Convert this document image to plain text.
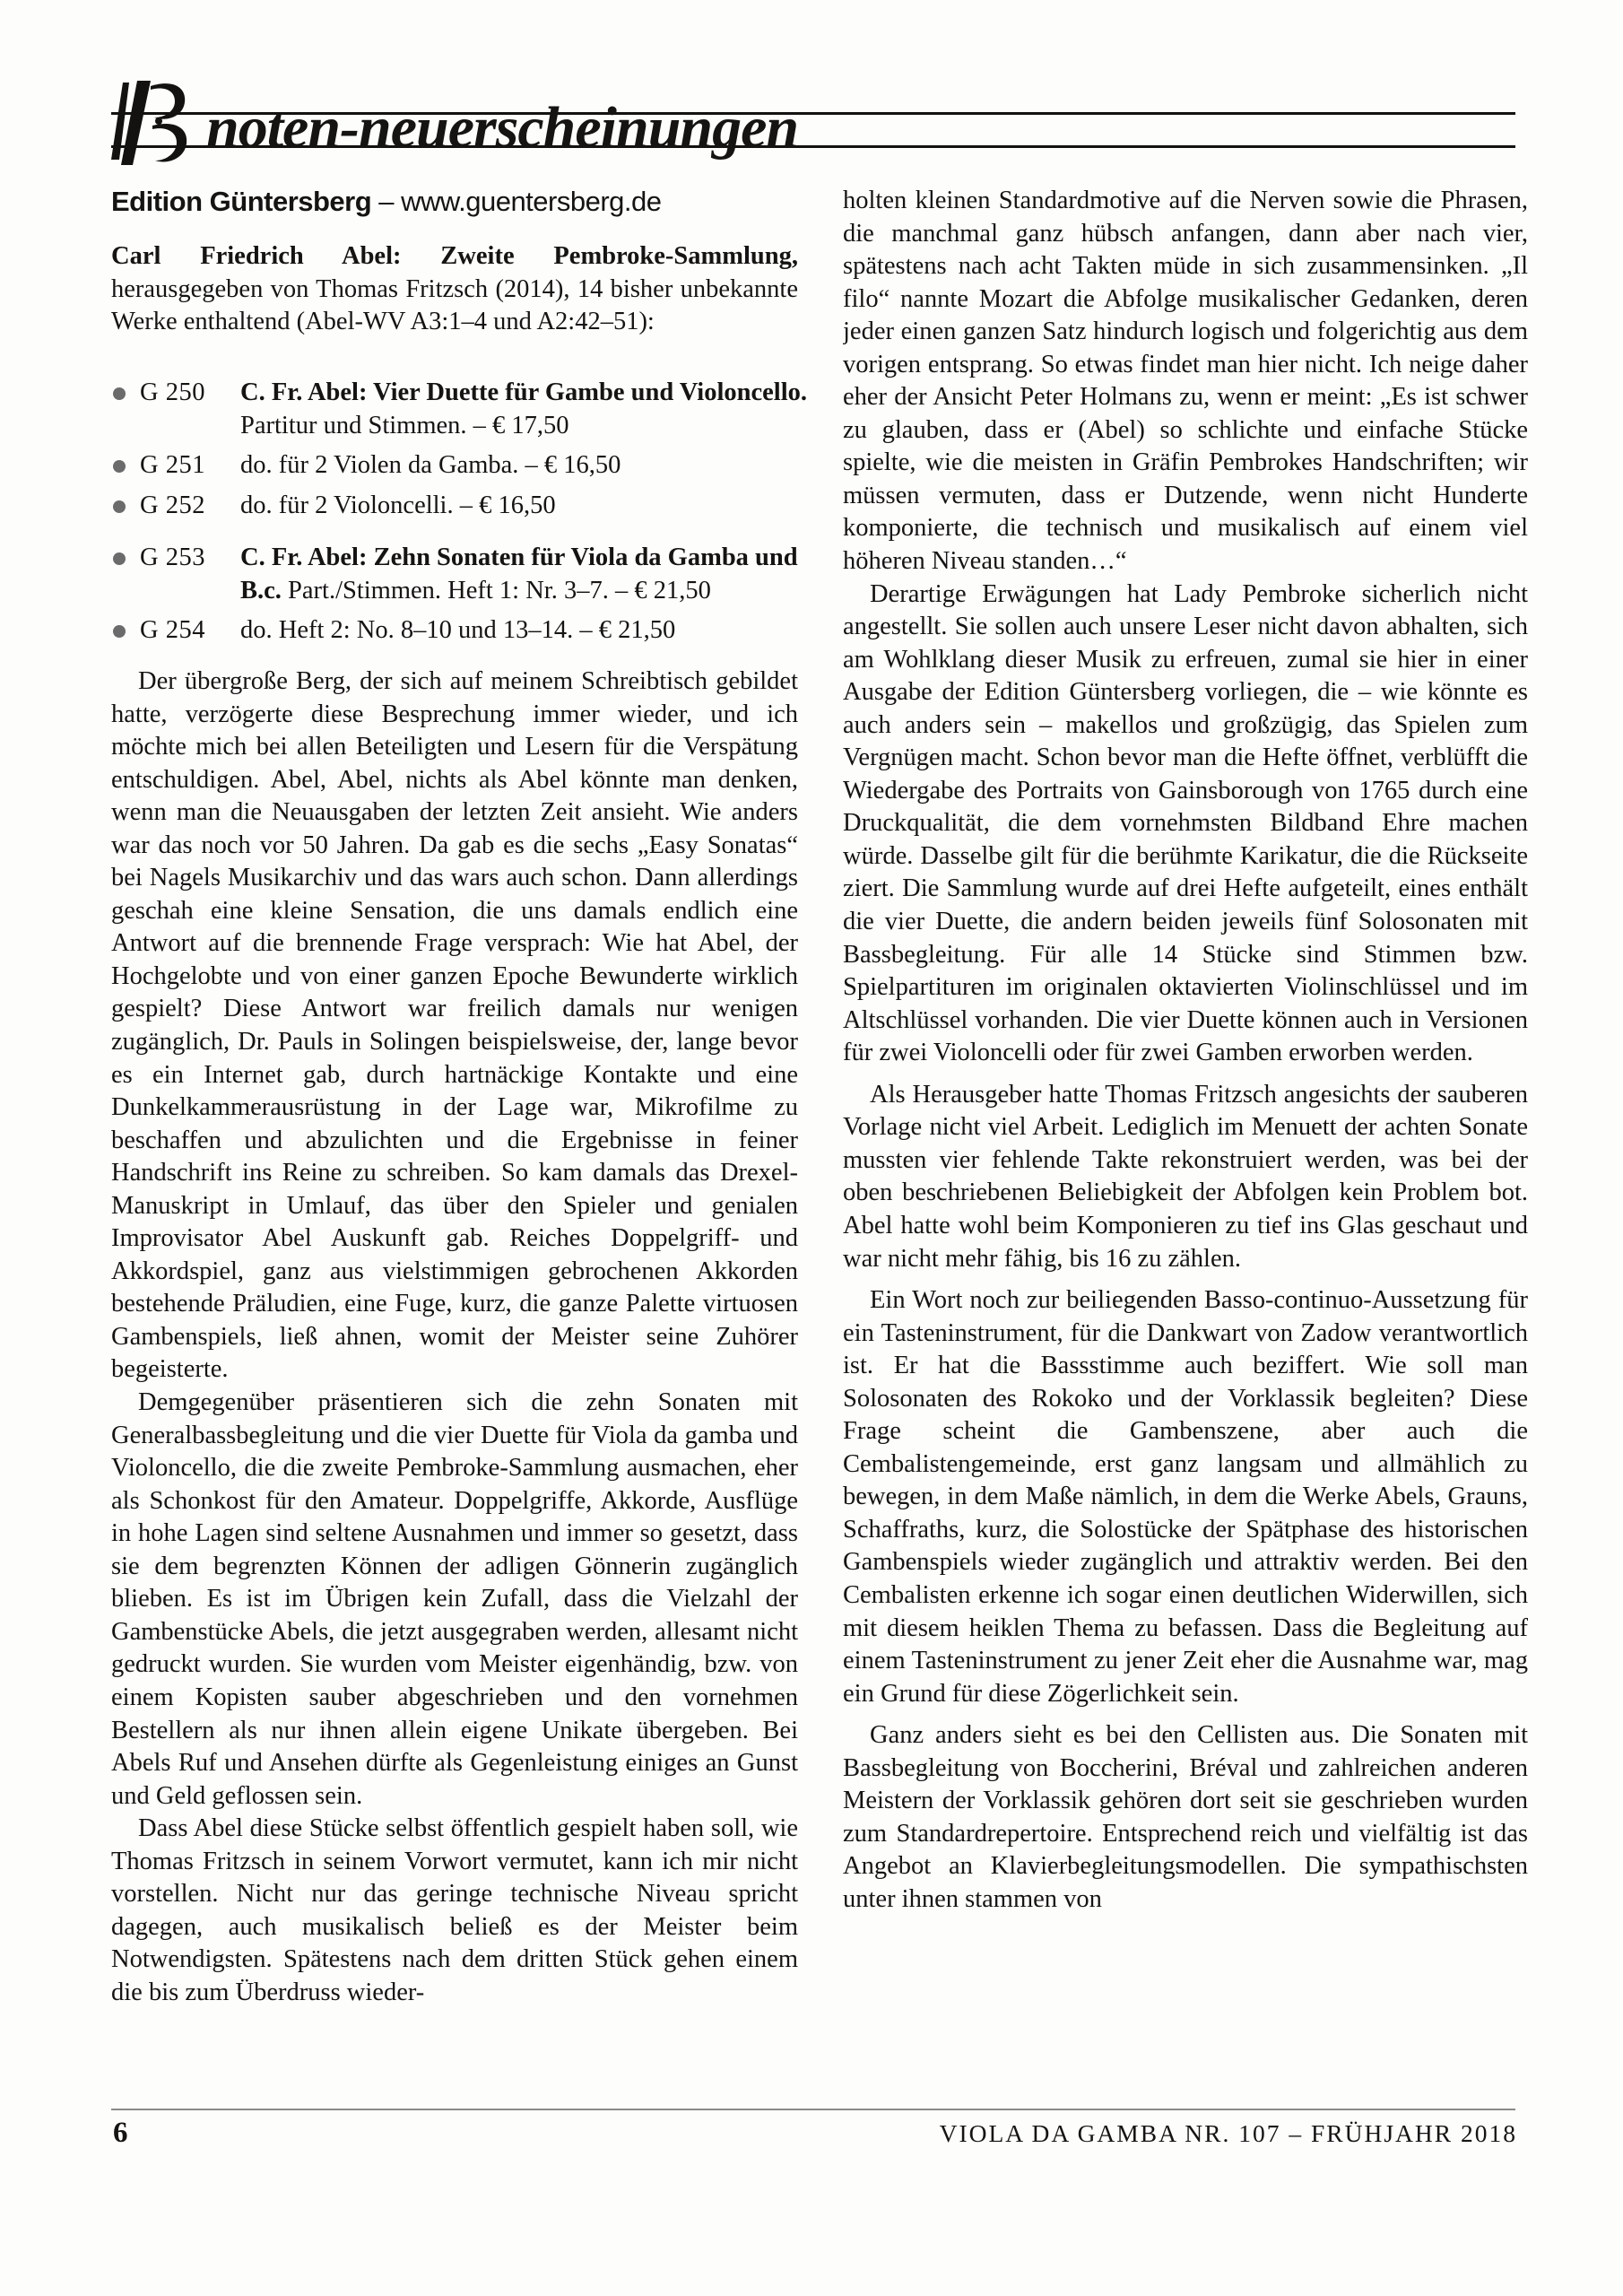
noten-neuerscheinungen
Edition Güntersberg – www.guentersberg.de
Carl Friedrich Abel: Zweite Pembroke-Sammlung, herausgegeben von Thomas Fritzsch (2014), 14 bisher unbekannte Werke enthaltend (Abel-WV A3:1–4 und A2:42–51):
G 250	C. Fr. Abel: Vier Duette für Gambe und Violoncello. Partitur und Stimmen. – € 17,50
G 251	do. für 2 Violen da Gamba. – € 16,50
G 252	do. für 2 Violoncelli. – € 16,50
G 253	C. Fr. Abel: Zehn Sonaten für Viola da Gamba und B.c. Part./Stimmen. Heft 1: Nr. 3–7. – € 21,50
G 254	do. Heft 2: No. 8–10 und 13–14. – € 21,50

Der übergroße Berg, der sich auf meinem Schreibtisch gebildet hatte, verzögerte diese Besprechung immer wieder, und ich möchte mich bei allen Beteiligten und Lesern für die Verspätung entschuldigen. Abel, Abel, nichts als Abel könnte man denken, wenn man die Neuausgaben der letzten Zeit ansieht. Wie anders war das noch vor 50 Jahren. Da gab es die sechs „Easy Sonatas“ bei Nagels Musikarchiv und das wars auch schon. Dann allerdings geschah eine kleine Sensation, die uns damals endlich eine Antwort auf die brennende Frage versprach: Wie hat Abel, der Hochgelobte und von einer ganzen Epoche Bewunderte wirklich gespielt? Diese Antwort war freilich damals nur wenigen zugänglich, Dr. Pauls in Solingen beispielsweise, der, lange bevor es ein Internet gab, durch hartnäckige Kontakte und eine Dunkelkammerausrüstung in der Lage war, Mikrofilme zu beschaffen und abzulichten und die Ergebnisse in feiner Handschrift ins Reine zu schreiben. So kam damals das Drexel-Manuskript in Umlauf, das über den Spieler und genialen Improvisator Abel Auskunft gab. Reiches Doppelgriff- und Akkordspiel, ganz aus vielstimmigen gebrochenen Akkorden bestehende Präludien, eine Fuge, kurz, die ganze Palette virtuosen Gambenspiels, ließ ahnen, womit der Meister seine Zuhörer begeisterte.

Demgegenüber präsentieren sich die zehn Sonaten mit Generalbassbegleitung und die vier Duette für Viola da gamba und Violoncello, die die zweite Pembroke-Sammlung ausmachen, eher als Schonkost für den Amateur. Doppelgriffe, Akkorde, Ausflüge in hohe Lagen sind seltene Ausnahmen und immer so gesetzt, dass sie dem begrenzten Können der adligen Gönnerin zugänglich blieben. Es ist im Übrigen kein Zufall, dass die Vielzahl der Gambenstücke Abels, die jetzt ausgegraben werden, allesamt nicht gedruckt wurden. Sie wurden vom Meister eigenhändig, bzw. von einem Kopisten sauber abgeschrieben und den vornehmen Bestellern als nur ihnen allein eigene Unikate übergeben. Bei Abels Ruf und Ansehen dürfte als Gegenleistung einiges an Gunst und Geld geflossen sein.

Dass Abel diese Stücke selbst öffentlich gespielt haben soll, wie Thomas Fritzsch in seinem Vorwort vermutet, kann ich mir nicht vorstellen. Nicht nur das geringe technische Niveau spricht dagegen, auch musikalisch beließ es der Meister beim Notwendigsten. Spätestens nach dem dritten Stück gehen einem die bis zum Überdruss wieder-

holten kleinen Standardmotive auf die Nerven sowie die Phrasen, die manchmal ganz hübsch anfangen, dann aber nach vier, spätestens nach acht Takten müde in sich zusammensinken. „Il filo“ nannte Mozart die Abfolge musikalischer Gedanken, deren jeder einen ganzen Satz hindurch logisch und folgerichtig aus dem vorigen entsprang. So etwas findet man hier nicht. Ich neige daher eher der Ansicht Peter Holmans zu, wenn er meint: „Es ist schwer zu glauben, dass er (Abel) so schlichte und einfache Stücke spielte, wie die meisten in Gräfin Pembrokes Handschriften; wir müssen vermuten, dass er Dutzende, wenn nicht Hunderte komponierte, die technisch und musikalisch auf einem viel höheren Niveau standen…“

Derartige Erwägungen hat Lady Pembroke sicherlich nicht angestellt. Sie sollen auch unsere Leser nicht davon abhalten, sich am Wohlklang dieser Musik zu erfreuen, zumal sie hier in einer Ausgabe der Edition Güntersberg vorliegen, die – wie könnte es auch anders sein – makellos und großzügig, das Spielen zum Vergnügen macht. Schon bevor man die Hefte öffnet, verblüfft die Wiedergabe des Portraits von Gainsborough von 1765 durch eine Druckqualität, die dem vornehmsten Bildband Ehre machen würde. Dasselbe gilt für die berühmte Karikatur, die die Rückseite ziert. Die Sammlung wurde auf drei Hefte aufgeteilt, eines enthält die vier Duette, die andern beiden jeweils fünf Solosonaten mit Bassbegleitung. Für alle 14 Stücke sind Stimmen bzw. Spielpartituren im originalen oktavierten Violinschlüssel und im Altschlüssel vorhanden. Die vier Duette können auch in Versionen für zwei Violoncelli oder für zwei Gamben erworben werden.

Als Herausgeber hatte Thomas Fritzsch angesichts der sauberen Vorlage nicht viel Arbeit. Lediglich im Menuett der achten Sonate mussten vier fehlende Takte rekonstruiert werden, was bei der oben beschriebenen Beliebigkeit der Abfolgen kein Problem bot. Abel hatte wohl beim Komponieren zu tief ins Glas geschaut und war nicht mehr fähig, bis 16 zu zählen.

Ein Wort noch zur beiliegenden Basso-continuo-Aussetzung für ein Tasteninstrument, für die Dankwart von Zadow verantwortlich ist. Er hat die Bassstimme auch beziffert. Wie soll man Solosonaten des Rokoko und der Vorklassik begleiten? Diese Frage scheint die Gambenszene, aber auch die Cembalistengemeinde, erst ganz langsam und allmählich zu bewegen, in dem Maße nämlich, in dem die Werke Abels, Grauns, Schaffraths, kurz, die Solostücke der Spätphase des historischen Gambenspiels wieder zugänglich und attraktiv werden. Bei den Cembalisten erkenne ich sogar einen deutlichen Widerwillen, sich mit diesem heiklen Thema zu befassen. Dass die Begleitung auf einem Tasteninstrument zu jener Zeit eher die Ausnahme war, mag ein Grund für diese Zögerlichkeit sein.

Ganz anders sieht es bei den Cellisten aus. Die Sonaten mit Bassbegleitung von Boccherini, Bréval und zahlreichen anderen Meistern der Vorklassik gehören dort seit sie geschrieben wurden zum Standardrepertoire. Entsprechend reich und vielfältig ist das Angebot an Klavierbegleitungsmodellen. Die sympathischsten unter ihnen stammen von

6	VIOLA DA GAMBA NR. 107 – FRÜHJAHR 2018
